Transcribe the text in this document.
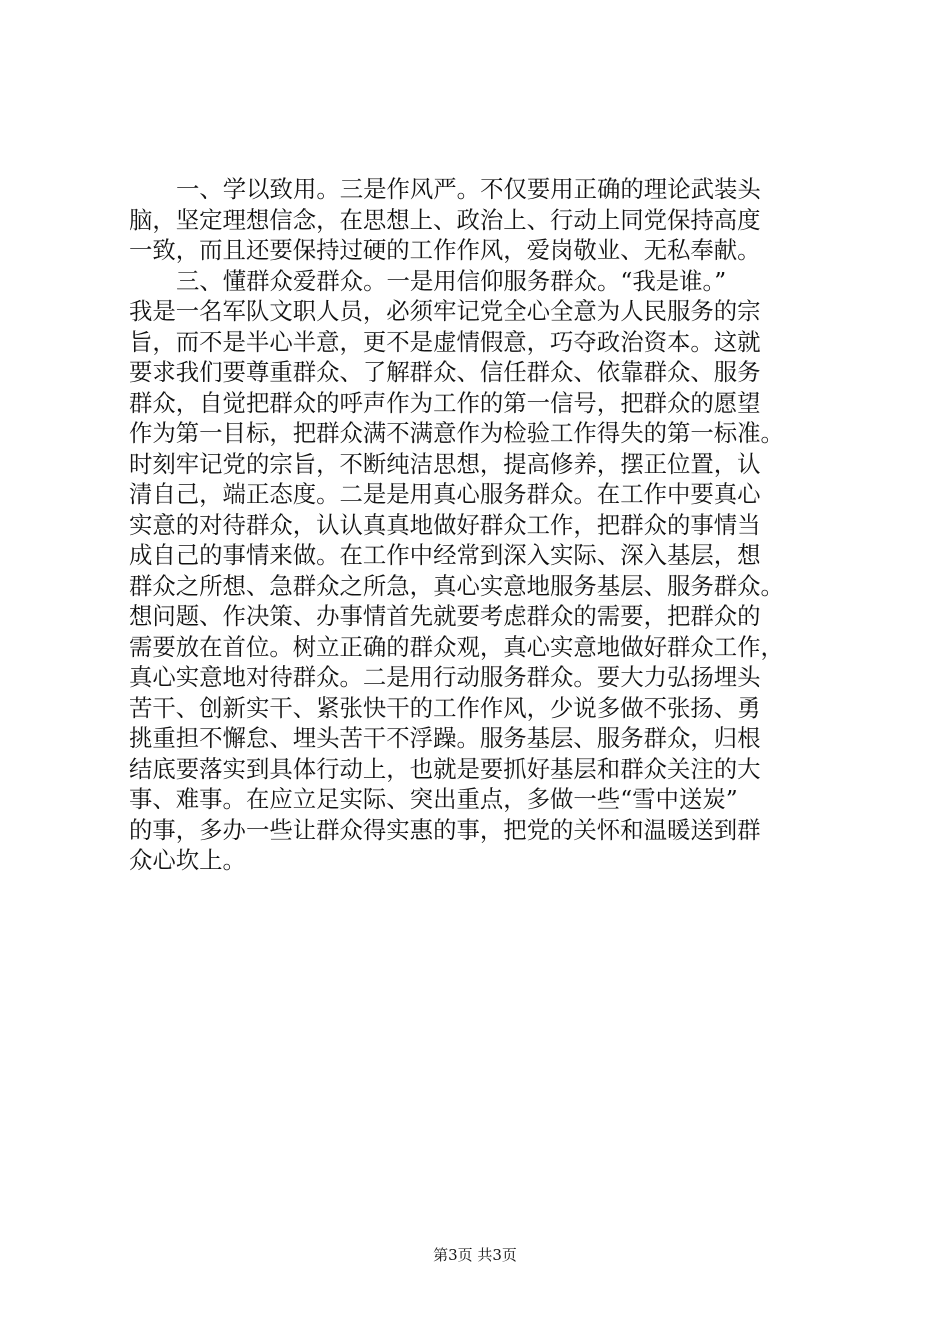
一、学以致用。三是作风严。不仅要用正确的理论武装头
脑，坚定理想信念，在思想上、政治上、行动上同党保持高度
一致，而且还要保持过硬的工作作风，爱岗敬业、无私奉献。
三、懂群众爱群众。一是用信仰服务群众。“我是谁。”
我是一名军队文职人员，必须牢记党全心全意为人民服务的宗
旨，而不是半心半意，更不是虚情假意，巧夺政治资本。这就
要求我们要尊重群众、了解群众、信任群众、依靠群众、服务
群众，自觉把群众的呼声作为工作的第一信号，把群众的愿望
作为第一目标，把群众满不满意作为检验工作得失的第一标准。
时刻牢记党的宗旨，不断纯洁思想，提高修养，摆正位置，认
清自己，端正态度。二是是用真心服务群众。在工作中要真心
实意的对待群众，认认真真地做好群众工作，把群众的事情当
成自己的事情来做。在工作中经常到深入实际、深入基层，想
群众之所想、急群众之所急，真心实意地服务基层、服务群众。
想问题、作决策、办事情首先就要考虑群众的需要，把群众的
需要放在首位。树立正确的群众观，真心实意地做好群众工作，
真心实意地对待群众。二是用行动服务群众。要大力弘扬埋头
苦干、创新实干、紧张快干的工作作风，少说多做不张扬、勇
挑重担不懈怠、埋头苦干不浮躁。服务基层、服务群众，归根
结底要落实到具体行动上，也就是要抓好基层和群众关注的大
事、难事。在应立足实际、突出重点，多做一些“雪中送炭”
的事，多办一些让群众得实惠的事，把党的关怀和温暖送到群
众心坎上。
第3页 共3页
